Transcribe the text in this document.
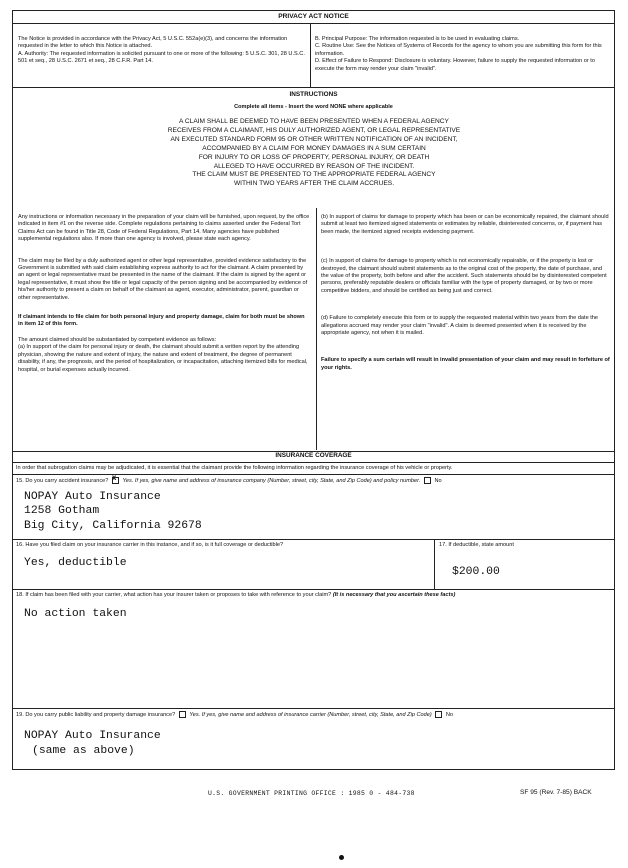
PRIVACY ACT NOTICE

The Notice is provided in accordance with the Privacy Act, 5 U.S.C. 552a(e)(3), and concerns the information requested in the letter to which this Notice is attached.

A. Authority: The requested information is solicited pursuant to one or more of the following: 5 U.S.C. 301, 28 U.S.C. 501 et seq., 28 U.S.C. 2671 et seq., 28 C.F.R. Part 14.

B. Principal Purpose: The information requested is to be used in evaluating claims.

C. Routine Use: See the Notices of Systems of Records for the agency to whom you are submitting this form for this information.

D. Effect of Failure to Respond: Disclosure is voluntary. However, failure to supply the requested information or to execute the form may render your claim "invalid".

INSTRUCTIONS
Complete all items - Insert the word NONE where applicable
A CLAIM SHALL BE DEEMED TO HAVE BEEN PRESENTED WHEN A FEDERAL AGENCY
RECEIVES FROM A CLAIMANT, HIS DULY AUTHORIZED AGENT, OR LEGAL REPRESENTATIVE
AN EXECUTED STANDARD FORM 95 OR OTHER WRITTEN NOTIFICATION OF AN INCIDENT,
ACCOMPANIED BY A CLAIM FOR MONEY DAMAGES IN A SUM CERTAIN
FOR INJURY TO OR LOSS OF PROPERTY, PERSONAL INJURY, OR DEATH
ALLEGED TO HAVE OCCURRED BY REASON OF THE INCIDENT.
THE CLAIM MUST BE PRESENTED TO THE APPROPRIATE FEDERAL AGENCY
WITHIN TWO YEARS AFTER THE CLAIM ACCRUES.

Any instructions or information necessary in the preparation of your claim will be furnished, upon request, by the office indicated in item #1 on the reverse side. Complete regulations pertaining to claims asserted under the Federal Tort Claims Act can be found in Title 28, Code of Federal Regulations, Part 14. Many agencies have published supplemental regulations also. If more than one agency is involved, please state each agency.

The claim may be filed by a duly authorized agent or other legal representative, provided evidence satisfactory to the Government is submitted with said claim establishing express authority to act for the claimant. A claim presented by an agent or legal representative must be presented in the name of the claimant. If the claim is signed by the agent or legal representative, it must show the title or legal capacity of the person signing and be accompanied by evidence of his/her authority to present a claim on behalf of the claimant as agent, executor, administrator, parent, guardian or other representative.

If claimant intends to file claim for both personal injury and property damage, claim for both must be shown in item 12 of this form.

The amount claimed should be substantiated by competent evidence as follows:

(a) In support of the claim for personal injury or death, the claimant should submit a written report by the attending physician, showing the nature and extent of injury, the nature and extent of treatment, the degree of permanent disability, if any, the prognosis, and the period of hospitalization, or incapacitation, attaching itemized bills for medical, hospital, or burial expenses actually incurred.

(b) In support of claims for damage to property which has been or can be economically repaired, the claimant should submit at least two itemized signed statements or estimates by reliable, disinterested concerns, or, if payment has been made, the itemized signed receipts evidencing payment.

(c) In support of claims for damage to property which is not economically repairable, or if the property is lost or destroyed, the claimant should submit statements as to the original cost of the property, the date of purchase, and the value of the property, both before and after the accident. Such statements should be by disinterested competent persons, preferably reputable dealers or officials familiar with the type of property damaged, or by two or more competitive bidders, and should be certified as being just and correct.

(d) Failure to completely execute this form or to supply the requested material within two years from the date the allegations accrued may render your claim "invalid". A claim is deemed presented when it is received by the appropriate agency, not when it is mailed.

Failure to specify a sum certain will result in invalid presentation of your claim and may result in forfeiture of your rights.

INSURANCE COVERAGE
In order that subrogation claims may be adjudicated, it is essential that the claimant provide the following information regarding the insurance coverage of his vehicle or property.
15. Do you carry accident insurance? x Yes. If yes, give name and address of insurance company (Number, street, city, State, and Zip Code) and policy number.	No
NOPAY Auto Insurance
1258 Gotham
Big City, California 92678
16. Have you filed claim on your insurance carrier in this instance, and if so, is it full coverage or deductible?
Yes, deductible
17. If deductible, state amount
$200.00
18. If claim has been filed with your carrier, what action has your insurer taken or proposes to take with reference to your claim? (It is necessary that you ascertain these facts)
No action taken
19. Do you carry public liability and property damage insurance?	Yes. If yes, give name and address of insurance carrier (Number, street, city, State, and Zip Code)	No
NOPAY Auto Insurance
(same as above)
U.S. GOVERNMENT PRINTING OFFICE : 1985 0 - 484-738	SF 95 (Rev. 7-85) BACK
